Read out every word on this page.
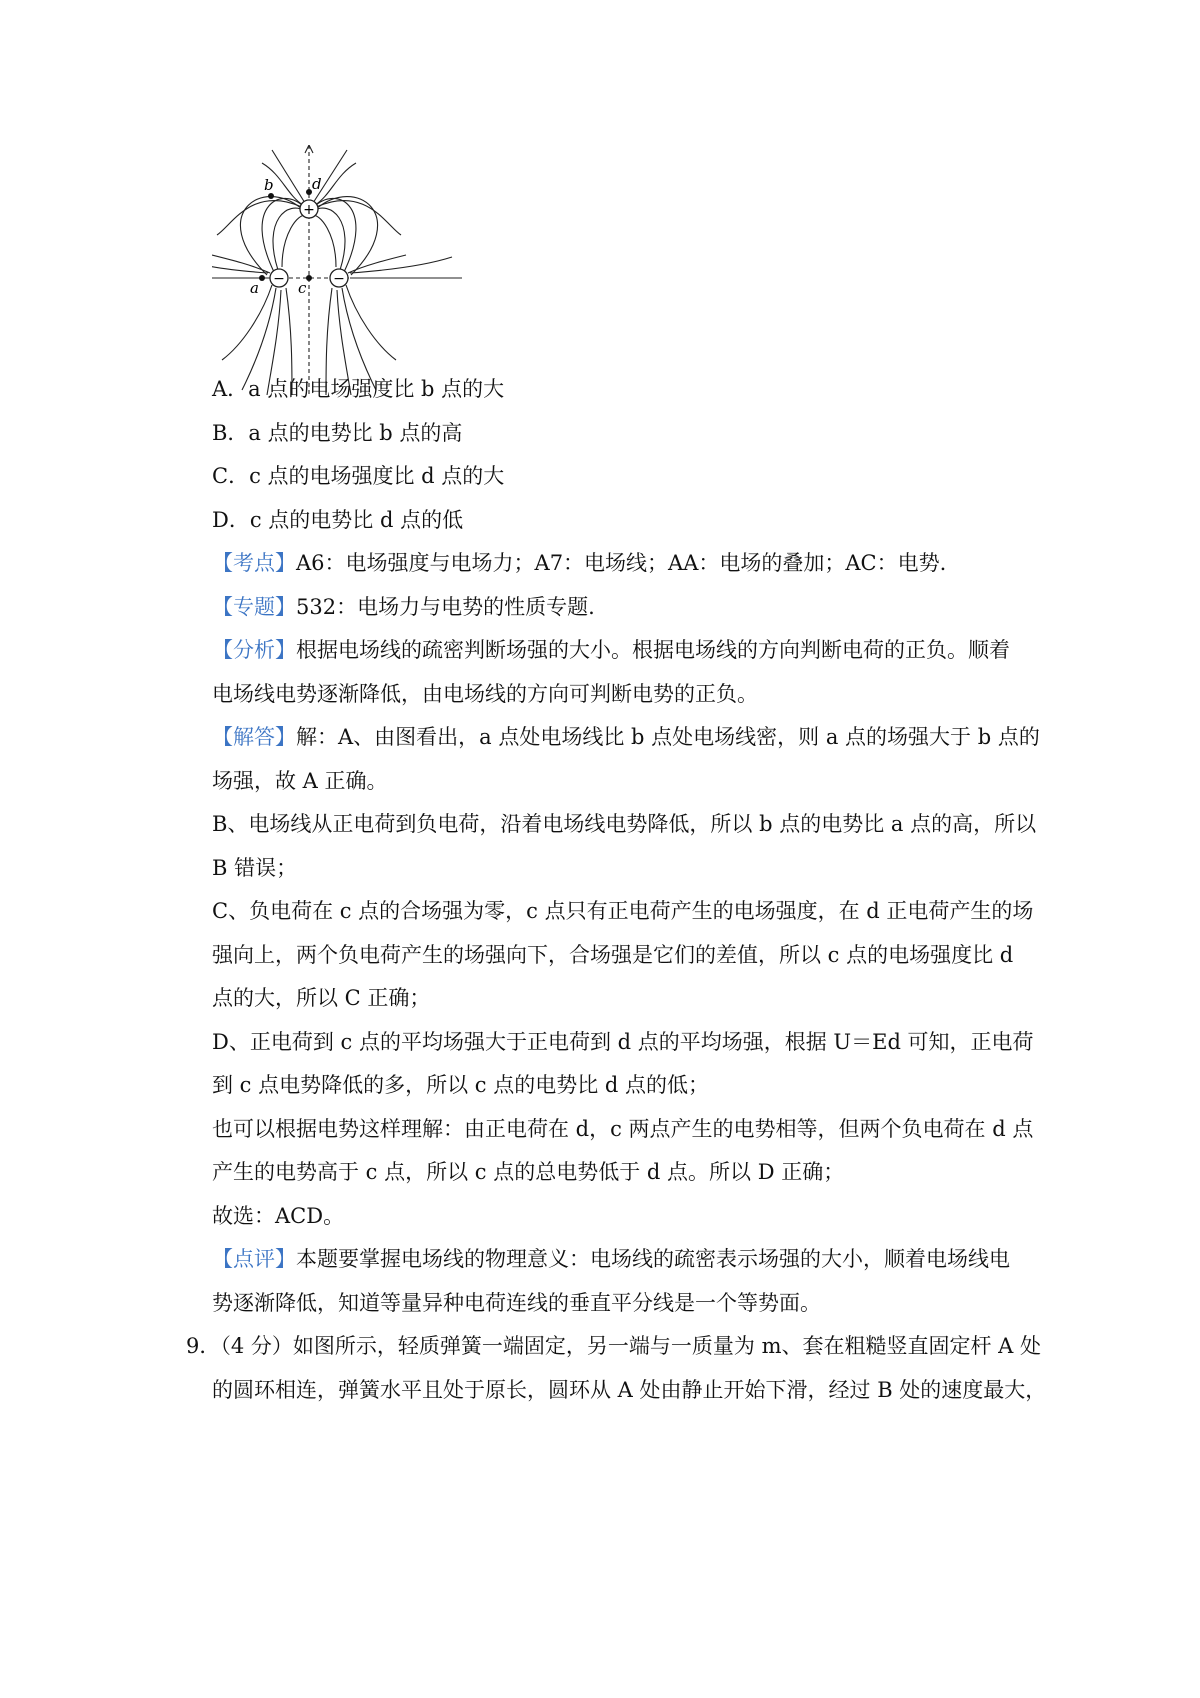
+
−	−
b	d
a	c
A．a 点的电场强度比 b 点的大
B．a 点的电势比 b 点的高
C．c 点的电场强度比 d 点的大
D．c 点的电势比 d 点的低
【考点】A6：电场强度与电场力；A7：电场线；AA：电场的叠加；AC：电势.
【专题】532：电场力与电势的性质专题.
【分析】根据电场线的疏密判断场强的大小。根据电场线的方向判断电荷的正负。顺着
电场线电势逐渐降低，由电场线的方向可判断电势的正负。
【解答】解：A、由图看出，a 点处电场线比 b 点处电场线密，则 a 点的场强大于 b 点的
场强，故 A 正确。
B、电场线从正电荷到负电荷，沿着电场线电势降低，所以 b 点的电势比 a 点的高，所以
B 错误；
C、负电荷在 c 点的合场强为零，c 点只有正电荷产生的电场强度，在 d 正电荷产生的场
强向上，两个负电荷产生的场强向下，合场强是它们的差值，所以 c 点的电场强度比 d
点的大，所以 C 正确；
D、正电荷到 c 点的平均场强大于正电荷到 d 点的平均场强，根据 U＝Ed 可知，正电荷
到 c 点电势降低的多，所以 c 点的电势比 d 点的低；
也可以根据电势这样理解：由正电荷在 d，c 两点产生的电势相等，但两个负电荷在 d 点
产生的电势高于 c 点，所以 c 点的总电势低于 d 点。所以 D 正确；
故选：ACD。
【点评】本题要掌握电场线的物理意义：电场线的疏密表示场强的大小，顺着电场线电
势逐渐降低，知道等量异种电荷连线的垂直平分线是一个等势面。
9．（4 分）如图所示，轻质弹簧一端固定，另一端与一质量为 m、套在粗糙竖直固定杆 A 处
的圆环相连，弹簧水平且处于原长，圆环从 A 处由静止开始下滑，经过 B 处的速度最大，
